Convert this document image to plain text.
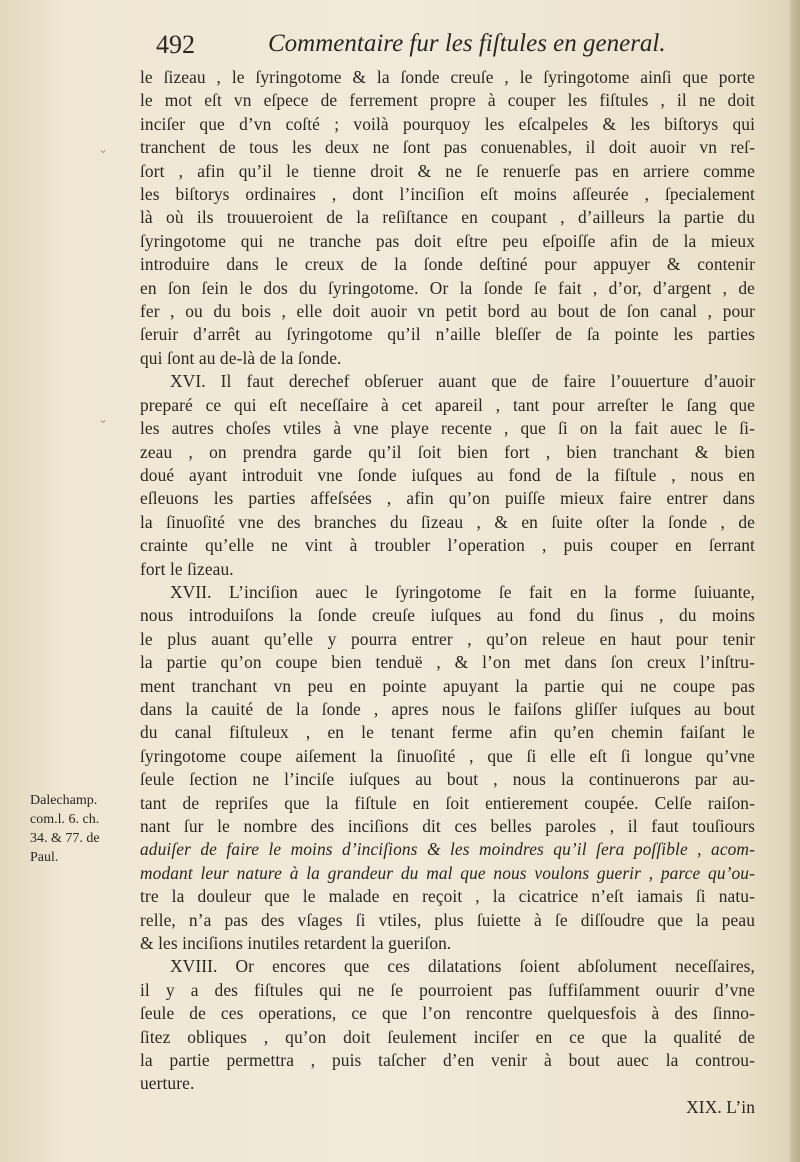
492	Commentaire fur les fiſtules en general.
le ſizeau , le ſyringotome & la ſonde creuſe , le ſyringotome ainſi que porte
le mot eſt vn eſpece de ferrement propre à couper les fiſtules , il ne doit
inciſer que d’vn coſté ; voilà pourquoy les eſcalpeles & les biſtorys qui
tranchent de tous les deux ne ſont pas conuenables, il doit auoir vn reſ-
ſort , afin qu’il le tienne droit & ne ſe renuerſe pas en arriere comme
les biſtorys ordinaires , dont l’inciſion eſt moins aſſeurée , ſpecialement
là où ils trouueroient de la reſiſtance en coupant , d’ailleurs la partie du
ſyringotome qui ne tranche pas doit eſtre peu eſpoiſſe afin de la mieux
introduire dans le creux de la ſonde deſtiné pour appuyer & contenir
en ſon ſein le dos du ſyringotome. Or la ſonde ſe fait , d’or, d’argent , de
fer , ou du bois , elle doit auoir vn petit bord au bout de ſon canal , pour
ſeruir d’arrêt au ſyringotome qu’il n’aille bleſſer de ſa pointe les parties
qui ſont au de-là de la ſonde.
XVI. Il faut derechef obſeruer auant que de faire l’ouuerture d’auoir
preparé ce qui eſt neceſſaire à cet apareil , tant pour arreſter le ſang que
les autres choſes vtiles à vne playe recente , que ſi on la fait auec le ſi-
zeau , on prendra garde qu’il ſoit bien fort , bien tranchant & bien
doué ayant introduit vne ſonde iuſques au fond de la fiſtule , nous en
eſleuons les parties affeſsées , afin qu’on puiſſe mieux faire entrer dans
la ſinuoſité vne des branches du ſizeau , & en ſuite oſter la ſonde , de
crainte qu’elle ne vint à troubler l’operation , puis couper en ſerrant
fort le ſizeau.
XVII. L’inciſion auec le ſyringotome ſe fait en la forme ſuiuante,
nous introduiſons la ſonde creuſe iuſques au fond du ſinus , du moins
le plus auant qu’elle y pourra entrer , qu’on releue en haut pour tenir
la partie qu’on coupe bien tenduë , & l’on met dans ſon creux l’inſtru-
ment tranchant vn peu en pointe apuyant la partie qui ne coupe pas
dans la cauité de la ſonde , apres nous le faiſons gliſſer iuſques au bout
du canal fiſtuleux , en le tenant ferme afin qu’en chemin faiſant le
ſyringotome coupe aiſement la ſinuoſité , que ſi elle eſt ſi longue qu’vne
ſeule ſection ne l’inciſe iuſques au bout , nous la continuerons par au-
tant de repriſes que la fiſtule en ſoit entierement coupée. Celſe raiſon-
nant ſur le nombre des inciſions dit ces belles paroles , il faut touſiours
aduiſer de faire le moins d’inciſions & les moindres qu’il ſera poſſible , acom-
modant leur nature à la grandeur du mal que nous voulons guerir , parce qu’ou-
tre la douleur que le malade en reçoit , la cicatrice n’eſt iamais ſi natu-
relle, n’a pas des vſages ſi vtiles, plus ſuiette à ſe diſſoudre que la peau
& les inciſions inutiles retardent la gueriſon.
XVIII. Or encores que ces dilatations ſoient abſolument neceſſaires,
il y a des fiſtules qui ne ſe pourroient pas ſuffiſamment ouurir d’vne
ſeule de ces operations, ce que l’on rencontre quelquesfois à des ſinno-
ſitez obliques , qu’on doit ſeulement inciſer en ce que la qualité de
la partie permettra , puis taſcher d’en venir à bout auec la controu-
uerture.
XIX. L’in
Dalechamp.
com.l. 6. ch.
34. & 77. de
Paul.
⌄
⌄
